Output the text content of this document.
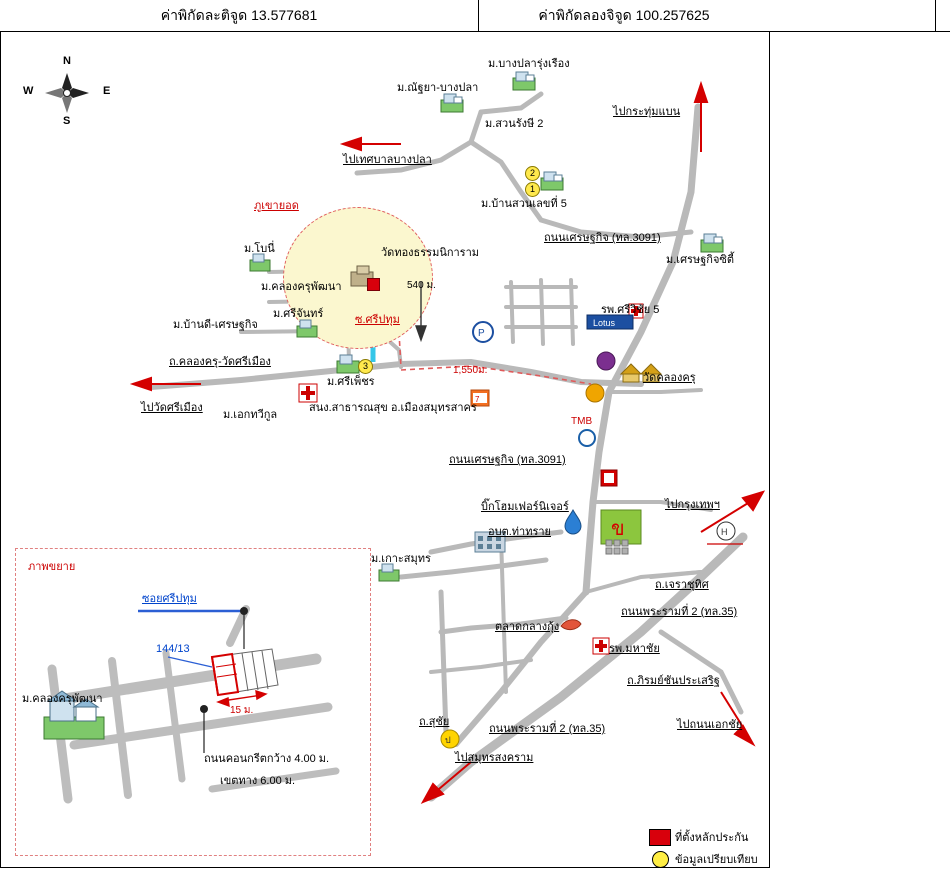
ค่าพิกัดละติจูด 13.577681	ค่าพิกัดลองจิจูด 100.257625
N
S
E
W
Lotus
P
7
ข
ป
H
2
1
3
ม.ณัฐยา-บางปลา
ม.บางปลารุ่งเรือง
ม.สวนรังษี 2
ไปเทศบาลบางปลา
ไปกระทุ่มแบน
ม.บ้านสวนเลขที่ 5
ถนนเศรษฐกิจ (ทล.3091)
ม.เศรษฐกิจซิตี้
รพ.ศรีวิชัย 5
ภูเขายอด
ม.โบนี่	วัดทองธรรมนิการาม
ม.คลองครุพัฒนา	540 ม.
ม.ศรีจันทร์
ม.บ้านดี-เศรษฐกิจ	ซ.ศรีปทุม
ถ.คลองครุ-วัดศรีเมือง
ม.ศรีเพ็ชร
1,550ม.
วัดคลองครุ
ไปวัดศรีเมือง
ม.เอกทวีกูล
สนง.สาธารณสุข อ.เมืองสมุทรสาคร
TMB
ถนนเศรษฐกิจ (ทล.3091)
บิ๊กโฮมเฟอร์นิเจอร์
อบต.ท่าทราย
ไปกรุงเทพฯ
ม.เกาะสมุทร
ถ.เจราชุทิศ
ถนนพระรามที่ 2 (ทล.35)
ตลาดกลางกุ้ง
รพ.มหาชัย
ถ.ภิรมย์ชันประเสริฐ
ถ.สุชัย
ถนนพระรามที่ 2 (ทล.35)	ไปถนนเอกชัย
ไปสมุทรสงคราม
ภาพขยาย
ซอยศรีปทุม
144/13
15 ม.
ถนนคอนกรีตกว้าง 4.00 ม.
เขตทาง 6.00 ม.
ม.คลองครุพัฒนา
ที่ตั้งหลักประกัน
ข้อมูลเปรียบเทียบ
